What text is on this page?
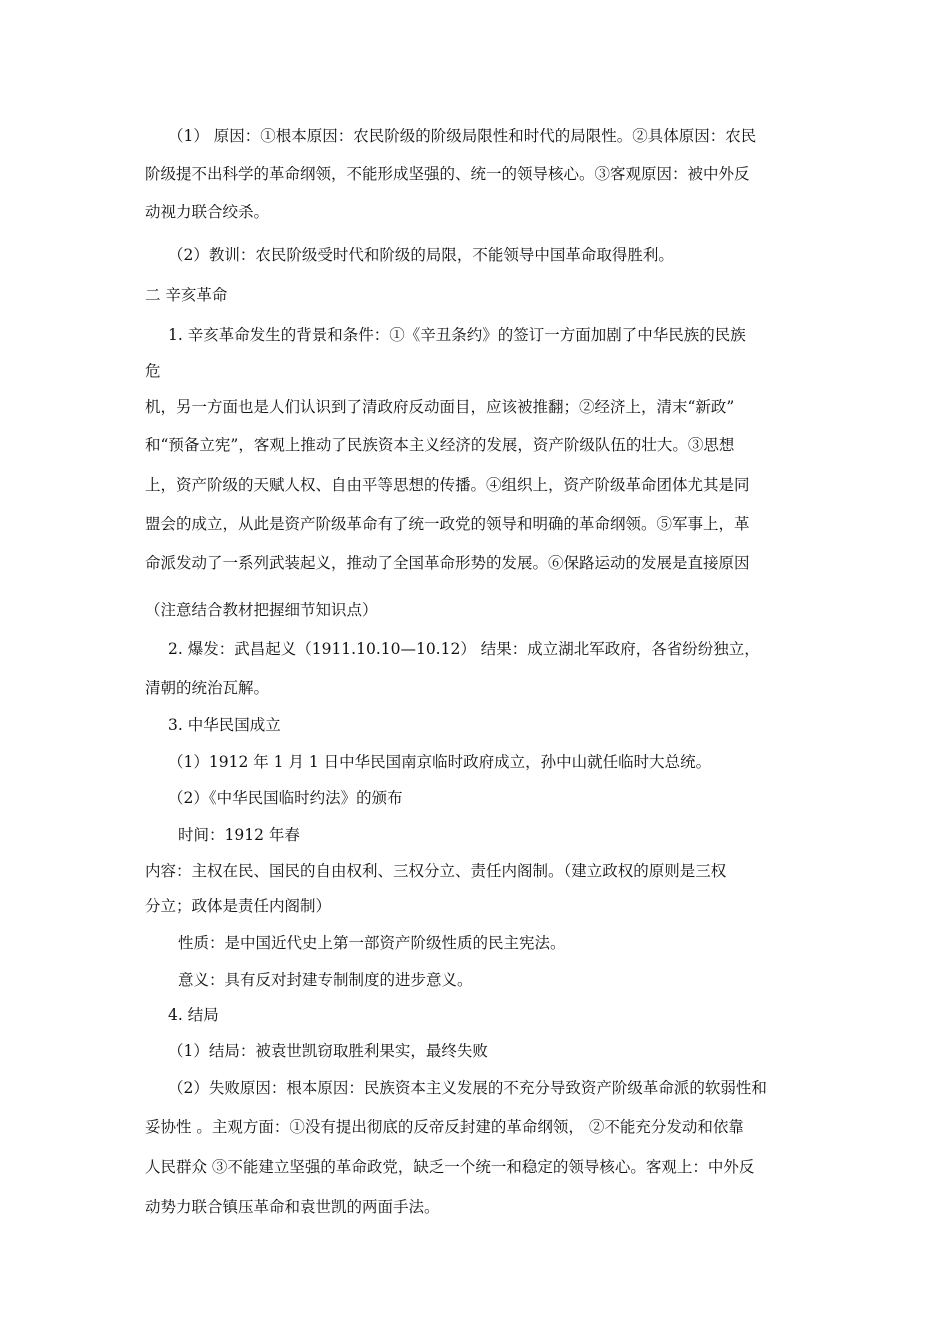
（1） 原因：①根本原因：农民阶级的阶级局限性和时代的局限性。②具体原因：农民
阶级提不出科学的革命纲领，不能形成坚强的、统一的领导核心。③客观原因：被中外反
动视力联合绞杀。
（2）教训：农民阶级受时代和阶级的局限，不能领导中国革命取得胜利。
二 辛亥革命
1. 辛亥革命发生的背景和条件：①《辛丑条约》的签订一方面加剧了中华民族的民族
危
机，另一方面也是人们认识到了清政府反动面目，应该被推翻；②经济上，清末“新政”
和“预备立宪”，客观上推动了民族资本主义经济的发展，资产阶级队伍的壮大。③思想
上，资产阶级的天赋人权、自由平等思想的传播。④组织上，资产阶级革命团体尤其是同
盟会的成立，从此是资产阶级革命有了统一政党的领导和明确的革命纲领。⑤军事上，革
命派发动了一系列武装起义，推动了全国革命形势的发展。⑥保路运动的发展是直接原因
（注意结合教材把握细节知识点）
2. 爆发：武昌起义（1911.10.10—10.12） 结果：成立湖北军政府，各省纷纷独立，
清朝的统治瓦解。
3. 中华民国成立
（1）1912 年 1 月 1 日中华民国南京临时政府成立，孙中山就任临时大总统。
（2）《中华民国临时约法》的颁布
时间：1912 年春
内容：主权在民、国民的自由权利、三权分立、责任内阁制。（建立政权的原则是三权
分立；政体是责任内阁制）
性质：是中国近代史上第一部资产阶级性质的民主宪法。
意义：具有反对封建专制制度的进步意义。
4. 结局
（1）结局：被袁世凯窃取胜利果实，最终失败
（2）失败原因：根本原因：民族资本主义发展的不充分导致资产阶级革命派的软弱性和
妥协性 。主观方面：①没有提出彻底的反帝反封建的革命纲领， ②不能充分发动和依靠
人民群众 ③不能建立坚强的革命政党，缺乏一个统一和稳定的领导核心。客观上：中外反
动势力联合镇压革命和袁世凯的两面手法。
